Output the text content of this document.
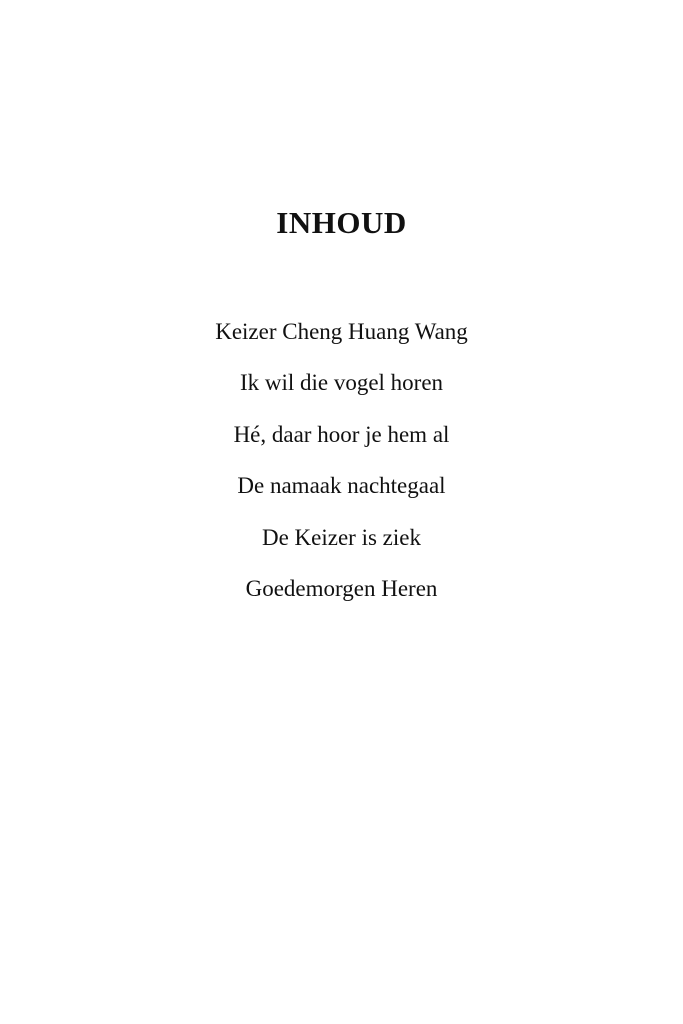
INHOUD
Keizer Cheng Huang Wang
Ik wil die vogel horen
Hé, daar hoor je hem al
De namaak nachtegaal
De Keizer is ziek
Goedemorgen Heren
